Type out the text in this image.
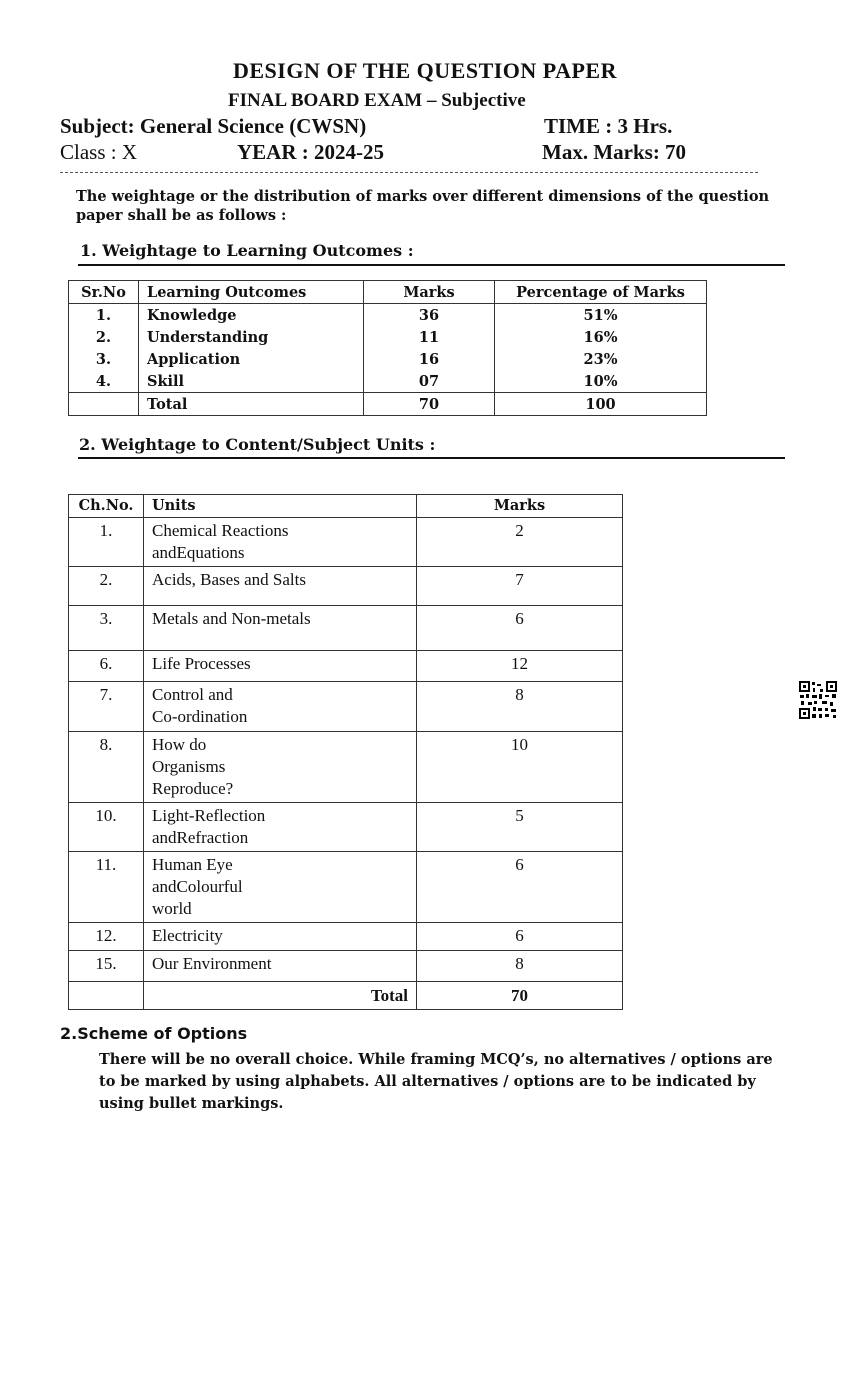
DESIGN OF THE QUESTION PAPER
FINAL BOARD EXAM – Subjective
Subject: General Science (CWSN)	TIME : 3 Hrs.
Class : X	YEAR : 2024-25	Max. Marks: 70
The weightage or the distribution of marks over different dimensions of the question paper shall be as follows :
1. Weightage to Learning Outcomes :
Sr.No	Learning Outcomes	Marks	Percentage of Marks
1.	Knowledge	36	51%
2.	Understanding	11	16%
3.	Application	16	23%
4.	Skill	07	10%
	Total	70	100
2. Weightage to Content/Subject Units :
Ch.No.	Units	Marks
1.	Chemical Reactions
andEquations	2
2.	Acids, Bases and Salts	7
3.	Metals and Non-metals	6
6.	Life Processes	12
7.	Control and
Co-ordination	8
8.	How do
Organisms
Reproduce?	10
10.	Light-Reflection
andRefraction	5
11.	Human Eye
andColourful
world	6
12.	Electricity	6
15.	Our Environment	8
	Total	70
2.Scheme of Options
There will be no overall choice. While framing MCQ’s, no alternatives / options are to be marked by using alphabets. All alternatives / options are to be indicated by using bullet markings.
